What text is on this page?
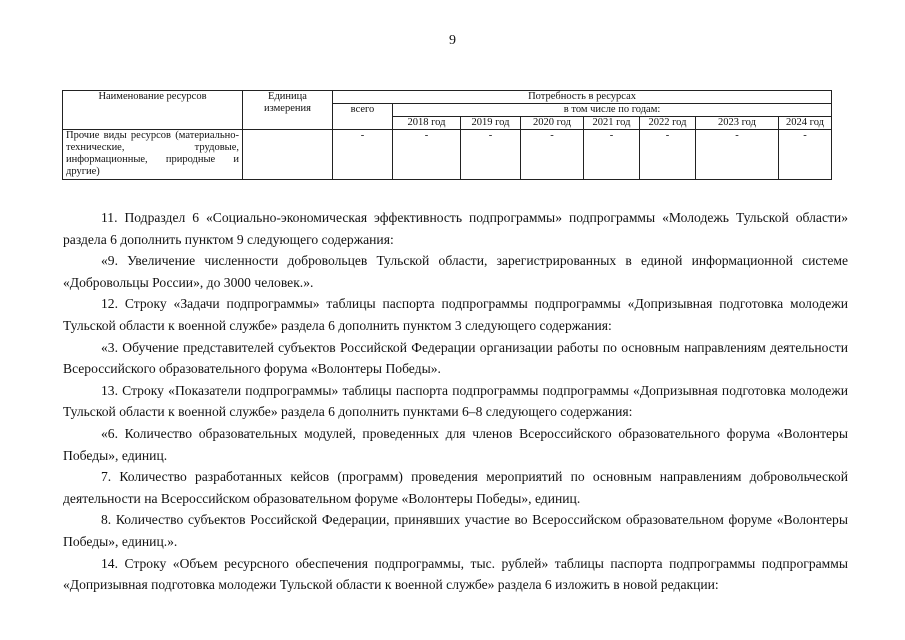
9
Наименование ресурсов	Единица измерения	Потребность в ресурсах							
		всего	в том числе по годам:						
			2018 год	2019 год	2020 год	2021 год	2022 год	2023 год	2024 год
Прочие виды ресурсов (материально-технические, трудовые, информационные, природные и другие)		-	-	-	-	-	-	-	-

11. Подраздел 6 «Социально-экономическая эффективность подпрограммы» подпрограммы «Молодежь Тульской области» раздела 6 дополнить пунктом 9 следующего содержания:

«9. Увеличение численности добровольцев Тульской области, зарегистрированных в единой информационной системе «Добровольцы России», до 3000 человек.».

12. Строку «Задачи подпрограммы» таблицы паспорта подпрограммы подпрограммы «Допризывная подготовка молодежи Тульской области к военной службе» раздела 6 дополнить пунктом 3 следующего содержания:

«3. Обучение представителей субъектов Российской Федерации организации работы по основным направлениям деятельности Всероссийского образовательного форума «Волонтеры Победы».

13. Строку «Показатели подпрограммы» таблицы паспорта подпрограммы подпрограммы «Допризывная подготовка молодежи Тульской области к военной службе» раздела 6 дополнить пунктами 6–8 следующего содержания:

«6. Количество образовательных модулей, проведенных для членов Всероссийского образовательного форума «Волонтеры Победы», единиц.

7. Количество разработанных кейсов (программ) проведения мероприятий по основным направлениям добровольческой деятельности на Всероссийском образовательном форуме «Волонтеры Победы», единиц.

8. Количество субъектов Российской Федерации, принявших участие во Всероссийском образовательном форуме «Волонтеры Победы», единиц.».

14. Строку «Объем ресурсного обеспечения подпрограммы, тыс. рублей» таблицы паспорта подпрограммы подпрограммы «Допризывная подготовка молодежи Тульской области к военной службе» раздела 6 изложить в новой редакции:
